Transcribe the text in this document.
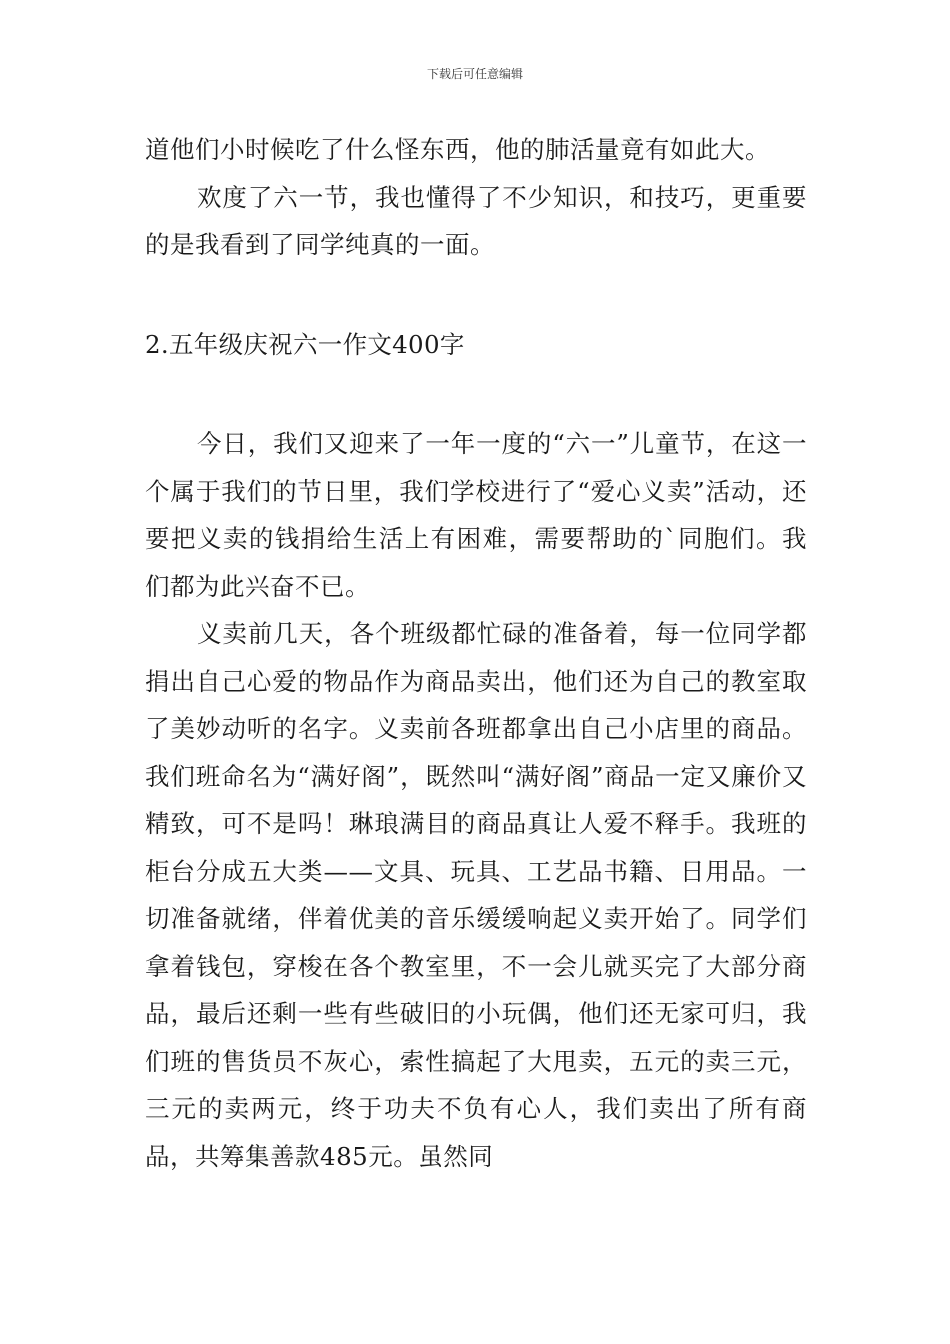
下载后可任意编辑

道他们小时候吃了什么怪东西，他的肺活量竟有如此大。

欢度了六一节，我也懂得了不少知识，和技巧，更重要的是我看到了同学纯真的一面。

2.五年级庆祝六一作文400字

今日，我们又迎来了一年一度的“六一”儿童节，在这一个属于我们的节日里，我们学校进行了“爱心义卖”活动，还要把义卖的钱捐给生活上有困难，需要帮助的`同胞们。我们都为此兴奋不已。

义卖前几天，各个班级都忙碌的准备着，每一位同学都捐出自己心爱的物品作为商品卖出，他们还为自己的教室取了美妙动听的名字。义卖前各班都拿出自己小店里的商品。我们班命名为“满好阁”，既然叫“满好阁”商品一定又廉价又精致，可不是吗！琳琅满目的商品真让人爱不释手。我班的柜台分成五大类——文具、玩具、工艺品书籍、日用品。一切准备就绪，伴着优美的音乐缓缓响起义卖开始了。同学们拿着钱包，穿梭在各个教室里，不一会儿就买完了大部分商品，最后还剩一些有些破旧的小玩偶，他们还无家可归，我们班的售货员不灰心，索性搞起了大甩卖，五元的卖三元，三元的卖两元，终于功夫不负有心人，我们卖出了所有商品，共筹集善款485元。虽然同
